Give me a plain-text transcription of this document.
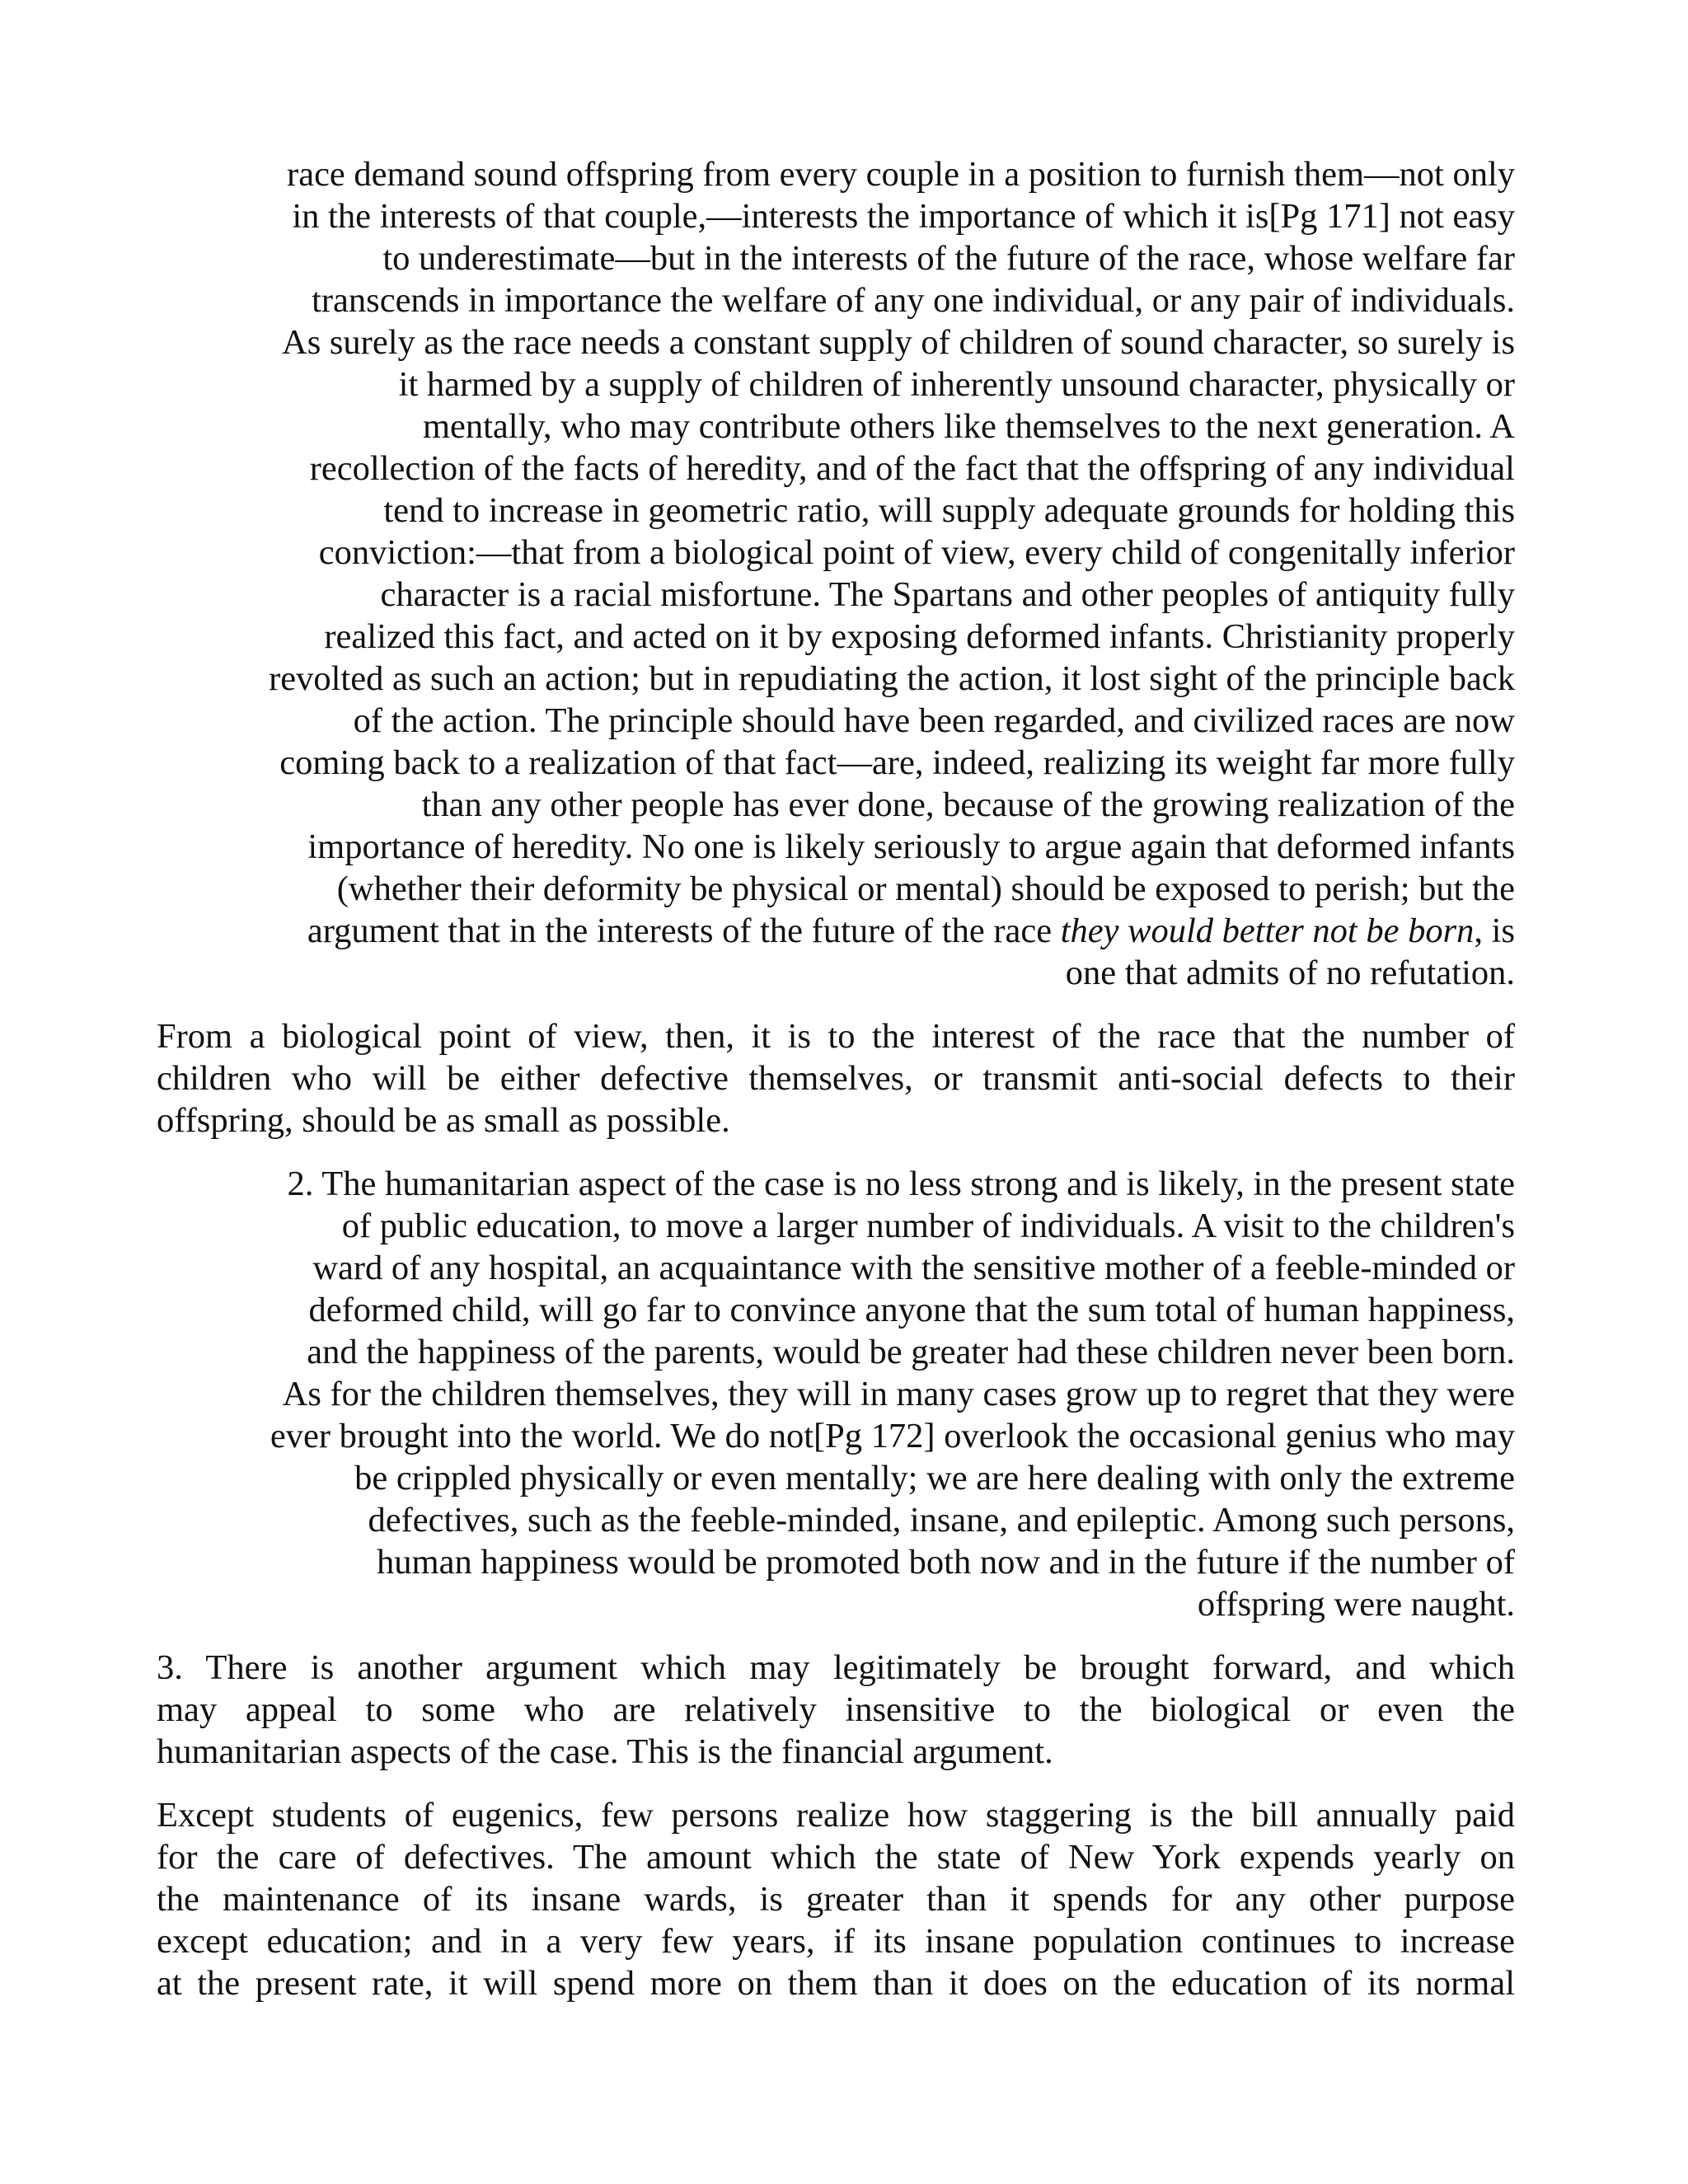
race demand sound offspring from every couple in a position to furnish them—not only
in the interests of that couple,—interests the importance of which it is[Pg 171] not easy
to underestimate—but in the interests of the future of the race, whose welfare far
transcends in importance the welfare of any one individual, or any pair of individuals.
As surely as the race needs a constant supply of children of sound character, so surely is
it harmed by a supply of children of inherently unsound character, physically or
mentally, who may contribute others like themselves to the next generation. A
recollection of the facts of heredity, and of the fact that the offspring of any individual
tend to increase in geometric ratio, will supply adequate grounds for holding this
conviction:—that from a biological point of view, every child of congenitally inferior
character is a racial misfortune. The Spartans and other peoples of antiquity fully
realized this fact, and acted on it by exposing deformed infants. Christianity properly
revolted as such an action; but in repudiating the action, it lost sight of the principle back
of the action. The principle should have been regarded, and civilized races are now
coming back to a realization of that fact—are, indeed, realizing its weight far more fully
than any other people has ever done, because of the growing realization of the
importance of heredity. No one is likely seriously to argue again that deformed infants
(whether their deformity be physical or mental) should be exposed to perish; but the
argument that in the interests of the future of the race they would better not be born, is
one that admits of no refutation.

From a biological point of view, then, it is to the interest of the race that the number of
children who will be either defective themselves, or transmit anti-social defects to their
offspring, should be as small as possible.

2. The humanitarian aspect of the case is no less strong and is likely, in the present state
of public education, to move a larger number of individuals. A visit to the children's
ward of any hospital, an acquaintance with the sensitive mother of a feeble-minded or
deformed child, will go far to convince anyone that the sum total of human happiness,
and the happiness of the parents, would be greater had these children never been born.
As for the children themselves, they will in many cases grow up to regret that they were
ever brought into the world. We do not[Pg 172] overlook the occasional genius who may
be crippled physically or even mentally; we are here dealing with only the extreme
defectives, such as the feeble-minded, insane, and epileptic. Among such persons,
human happiness would be promoted both now and in the future if the number of
offspring were naught.

3. There is another argument which may legitimately be brought forward, and which
may appeal to some who are relatively insensitive to the biological or even the
humanitarian aspects of the case. This is the financial argument.

Except students of eugenics, few persons realize how staggering is the bill annually paid
for the care of defectives. The amount which the state of New York expends yearly on
the maintenance of its insane wards, is greater than it spends for any other purpose
except education; and in a very few years, if its insane population continues to increase
at the present rate, it will spend more on them than it does on the education of its normal
